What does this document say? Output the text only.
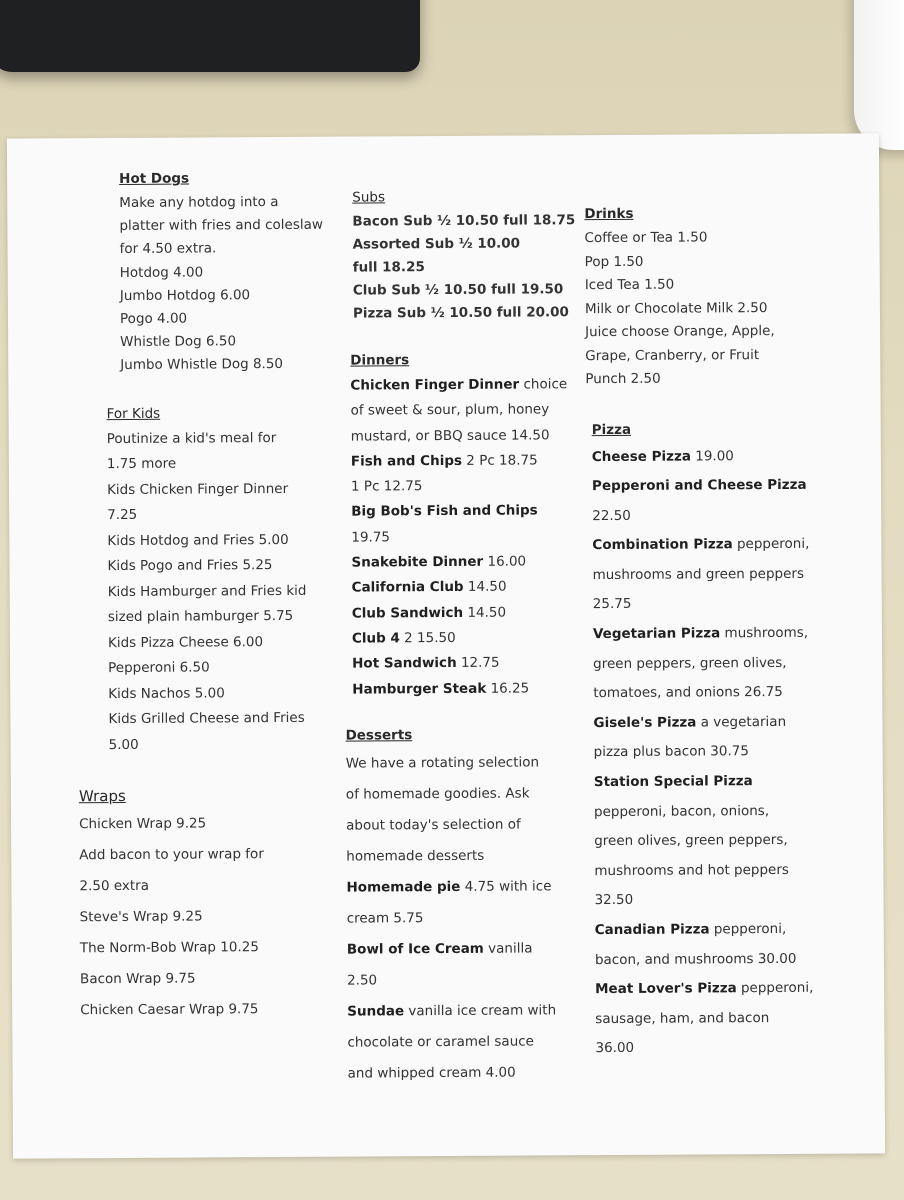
Hot Dogs
Make any hotdog into a
platter with fries and coleslaw
for 4.50 extra.
Hotdog 4.00
Jumbo Hotdog 6.00
Pogo 4.00
Whistle Dog 6.50
Jumbo Whistle Dog 8.50
For Kids
Poutinize a kid's meal for
1.75 more
Kids Chicken Finger Dinner
7.25
Kids Hotdog and Fries 5.00
Kids Pogo and Fries 5.25
Kids Hamburger and Fries kid
sized plain hamburger 5.75
Kids Pizza Cheese 6.00
Pepperoni 6.50
Kids Nachos 5.00
Kids Grilled Cheese and Fries
5.00
Wraps
Chicken Wrap 9.25
Add bacon to your wrap for
2.50 extra
Steve's Wrap 9.25
The Norm-Bob Wrap 10.25
Bacon Wrap 9.75
Chicken Caesar Wrap 9.75
Subs
Bacon Sub ½ 10.50 full 18.75
Assorted Sub ½ 10.00
full 18.25
Club Sub ½ 10.50 full 19.50
Pizza Sub ½ 10.50 full 20.00
Dinners
Chicken Finger Dinner choice
of sweet & sour, plum, honey
mustard, or BBQ sauce 14.50
Fish and Chips 2 Pc 18.75
1 Pc 12.75
Big Bob's Fish and Chips
19.75
Snakebite Dinner 16.00
California Club 14.50
Club Sandwich 14.50
Club 4 2 15.50
Hot Sandwich 12.75
Hamburger Steak 16.25
Desserts
We have a rotating selection
of homemade goodies. Ask
about today's selection of
homemade desserts
Homemade pie 4.75 with ice
cream 5.75
Bowl of Ice Cream vanilla
2.50
Sundae vanilla ice cream with
chocolate or caramel sauce
and whipped cream 4.00
Drinks
Coffee or Tea 1.50
Pop 1.50
Iced Tea 1.50
Milk or Chocolate Milk 2.50
Juice choose Orange, Apple,
Grape, Cranberry, or Fruit
Punch 2.50
Pizza
Cheese Pizza 19.00
Pepperoni and Cheese Pizza
22.50
Combination Pizza pepperoni,
mushrooms and green peppers
25.75
Vegetarian Pizza mushrooms,
green peppers, green olives,
tomatoes, and onions 26.75
Gisele's Pizza a vegetarian
pizza plus bacon 30.75
Station Special Pizza
pepperoni, bacon, onions,
green olives, green peppers,
mushrooms and hot peppers
32.50
Canadian Pizza pepperoni,
bacon, and mushrooms 30.00
Meat Lover's Pizza pepperoni,
sausage, ham, and bacon
36.00
